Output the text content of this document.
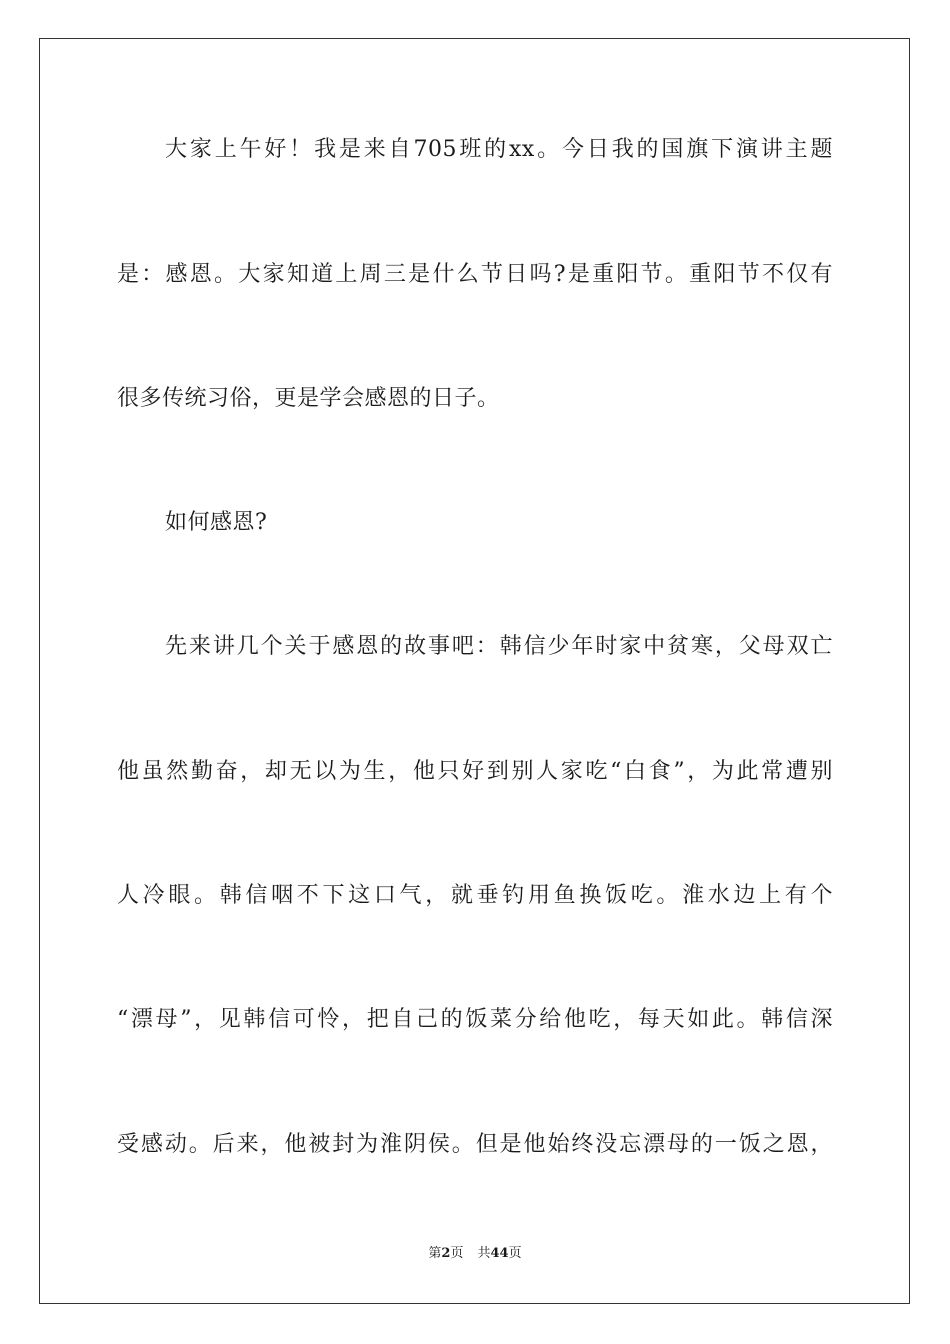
大家上午好！我是来自705班的xx。今日我的国旗下演讲主题
是：感恩。大家知道上周三是什么节日吗?是重阳节。重阳节不仅有
很多传统习俗，更是学会感恩的日子。
如何感恩?
先来讲几个关于感恩的故事吧：韩信少年时家中贫寒，父母双亡
他虽然勤奋，却无以为生，他只好到别人家吃“白食”，为此常遭别
人冷眼。韩信咽不下这口气，就垂钓用鱼换饭吃。淮水边上有个
“漂母”，见韩信可怜，把自己的饭菜分给他吃，每天如此。韩信深
受感动。后来，他被封为淮阴侯。但是他始终没忘漂母的一饭之恩，
第2页 共44页
